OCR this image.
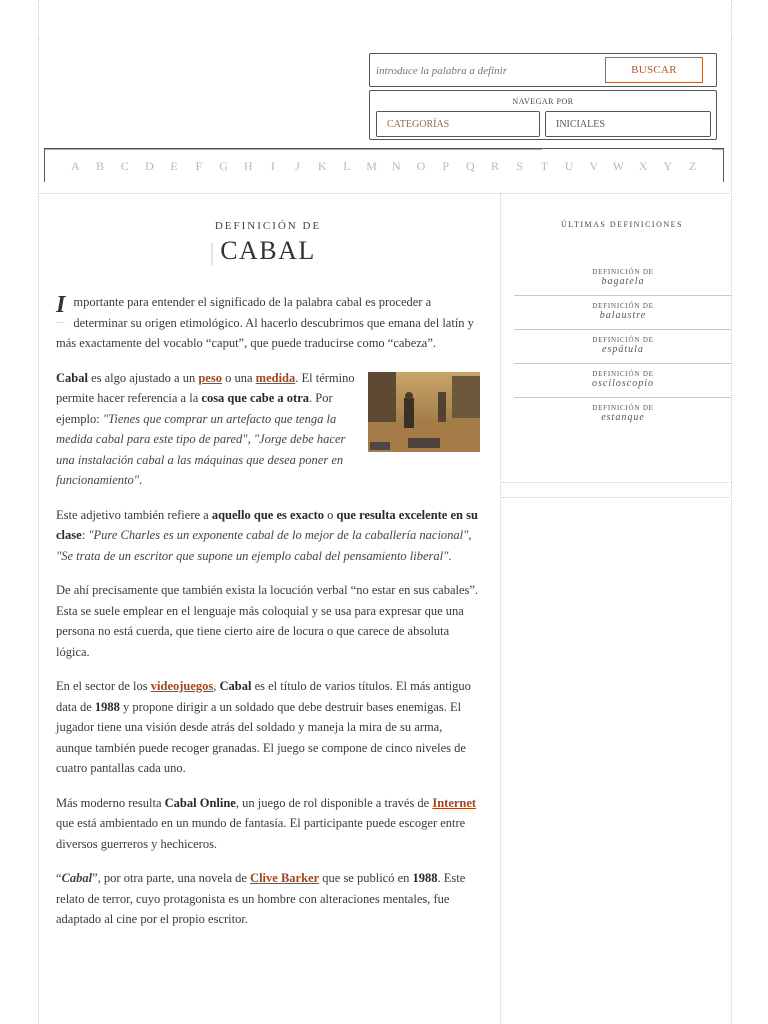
introduce la palabra a definir
BUSCAR
NAVEGAR POR
CATEGORÍAS	INICIALES
A	B	C	D	E	F	G	H	I	J	K	L	M	N	O	P	Q	R	S	T	U	V	W	X	Y	Z
DEFINICIÓN DE
CABAL

I mportante para entender el significado de la palabra cabal es proceder a determinar su origen etimológico. Al hacerlo descubrimos que emana del latín y más exactamente del vocablo “caput”, que puede traducirse como “cabeza”.

Cabal es algo ajustado a un peso o una medida. El término permite hacer referencia a la cosa que cabe a otra. Por ejemplo: "Tienes que comprar un artefacto que tenga la medida cabal para este tipo de pared", "Jorge debe hacer una instalación cabal a las máquinas que desea poner en funcionamiento".

Este adjetivo también refiere a aquello que es exacto o que resulta excelente en su clase: "Pure Charles es un exponente cabal de lo mejor de la caballería nacional", "Se trata de un escritor que supone un ejemplo cabal del pensamiento liberal".

De ahí precisamente que también exista la locución verbal “no estar en sus cabales”. Esta se suele emplear en el lenguaje más coloquial y se usa para expresar que una persona no está cuerda, que tiene cierto aire de locura o que carece de absoluta lógica.

En el sector de los videojuegos, Cabal es el título de varios títulos. El más antiguo data de 1988 y propone dirigir a un soldado que debe destruir bases enemigas. El jugador tiene una visión desde atrás del soldado y maneja la mira de su arma, aunque también puede recoger granadas. El juego se compone de cinco niveles de cuatro pantallas cada uno.

Más moderno resulta Cabal Online, un juego de rol disponible a través de Internet que está ambientado en un mundo de fantasía. El participante puede escoger entre diversos guerreros y hechiceros.

“Cabal”, por otra parte, una novela de Clive Barker que se publicó en 1988. Este relato de terror, cuyo protagonista es un hombre con alteraciones mentales, fue adaptado al cine por el propio escritor.

ÚLTIMAS DEFINICIONES
DEFINICIÓN DE
bagatela
DEFINICIÓN DE
balaustre
DEFINICIÓN DE
espátula
DEFINICIÓN DE
osciloscopio
DEFINICIÓN DE
estanque
